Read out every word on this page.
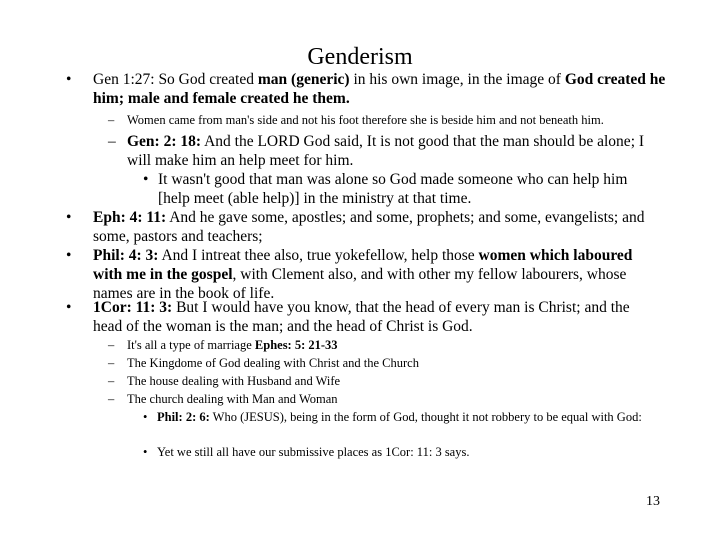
Genderism
• Gen 1:27: So God created man (generic) in his own image, in the image of God created he him; male and female created he them.
– Women came from man's side and not his foot therefore she is beside him and not beneath him.
– Gen: 2: 18: And the LORD God said, It is not good that the man should be alone; I will make him an help meet for him.
• It wasn't good that man was alone so God made someone who can help him [help meet (able help)] in the ministry at that time.
• Eph: 4: 11: And he gave some, apostles; and some, prophets; and some, evangelists; and some, pastors and teachers;
• Phil: 4: 3: And I intreat thee also, true yokefellow, help those women which laboured with me in the gospel, with Clement also, and with other my fellow labourers, whose names are in the book of life.
• 1Cor: 11: 3: But I would have you know, that the head of every man is Christ; and the head of the woman is the man; and the head of Christ is God.
– It's all a type of marriage Ephes: 5: 21-33
– The Kingdome of God dealing with Christ and the Church
– The house dealing with Husband and Wife
– The church dealing with Man and Woman
• Phil: 2: 6: Who (JESUS), being in the form of God, thought it not robbery to be equal with God:
• Yet we still all have our submissive places as 1Cor: 11: 3 says.
13
